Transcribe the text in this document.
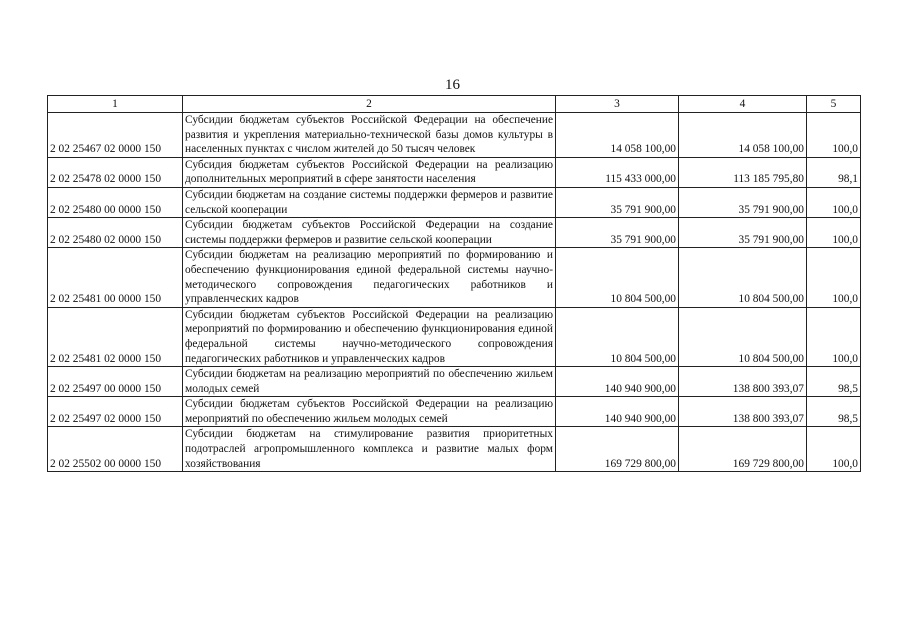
16
1	2	3	4	5
2 02 25467 02 0000 150	Субсидии бюджетам субъектов Российской Федерации на обеспечение развития и укрепления материально-технической базы домов культуры в населенных пунктах с числом жителей до 50 тысяч человек	14 058 100,00	14 058 100,00	100,0
2 02 25478 02 0000 150	Субсидия бюджетам субъектов Российской Федерации на реализацию дополнительных мероприятий в сфере занятости населения	115 433 000,00	113 185 795,80	98,1
2 02 25480 00 0000 150	Субсидии бюджетам на создание системы поддержки фермеров и развитие сельской кооперации	35 791 900,00	35 791 900,00	100,0
2 02 25480 02 0000 150	Субсидии бюджетам субъектов Российской Федерации на создание системы поддержки фермеров и развитие сельской кооперации	35 791 900,00	35 791 900,00	100,0
2 02 25481 00 0000 150	Субсидии бюджетам на реализацию мероприятий по формированию и обеспечению функционирования единой федеральной системы научно-методического сопровождения педагогических работников и управленческих кадров	10 804 500,00	10 804 500,00	100,0
2 02 25481 02 0000 150	Субсидии бюджетам субъектов Российской Федерации на реализацию мероприятий по формированию и обеспечению функционирования единой федеральной системы научно-методического сопровождения педагогических работников и управленческих кадров	10 804 500,00	10 804 500,00	100,0
2 02 25497 00 0000 150	Субсидии бюджетам на реализацию мероприятий по обеспечению жильем молодых семей	140 940 900,00	138 800 393,07	98,5
2 02 25497 02 0000 150	Субсидии бюджетам субъектов Российской Федерации на реализацию мероприятий по обеспечению жильем молодых семей	140 940 900,00	138 800 393,07	98,5
2 02 25502 00 0000 150	Субсидии бюджетам на стимулирование развития приоритетных подотраслей агропромышленного комплекса и развитие малых форм хозяйствования	169 729 800,00	169 729 800,00	100,0
